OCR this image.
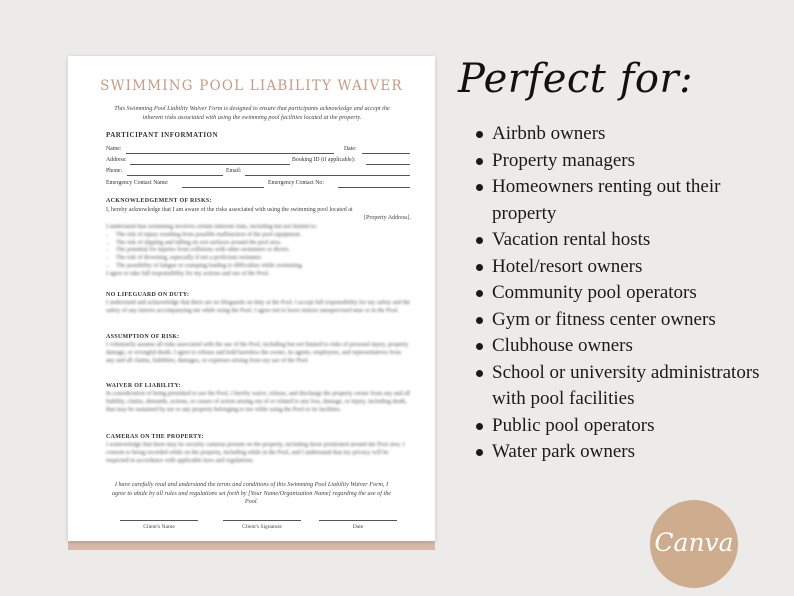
SWIMMING POOL LIABILITY WAIVER
This Swimming Pool Liability Waiver Form is designed to ensure that participants acknowledge and accept the inherent risks associated with using the swimming pool facilities located at the property.
PARTICIPANT INFORMATION
Name:	Date:
Address:	Booking ID (if applicable):
Phone:	Email:
Emergency Contact Name:	Emergency Contact No:
ACKNOWLEDGEMENT OF RISKS:
I, hereby acknowledge that I am aware of the risks associated with using the swimming pool located at
[Property Address].
I understand that swimming involves certain inherent risks, including but not limited to:
• The risk of injury resulting from possible malfunction of the pool equipment.
• The risk of slipping and falling on wet surfaces around the pool area.
• The potential for injuries from collisions with other swimmers or divers.
• The risk of drowning, especially if not a proficient swimmer.
• The possibility of fatigue or cramping leading to difficulties while swimming.
I agree to take full responsibility for my actions and use of the Pool.
NO LIFEGUARD ON DUTY:
I understand and acknowledge that there are no lifeguards on duty at the Pool. I accept full responsibility for my safety and the safety of any minors accompanying me while using the Pool. I agree not to leave minors unsupervised near or in the Pool.
ASSUMPTION OF RISK:
I voluntarily assume all risks associated with the use of the Pool, including but not limited to risks of personal injury, property damage, or wrongful death. I agree to release and hold harmless the owner, its agents, employees, and representatives from any and all claims, liabilities, damages, or expenses arising from my use of the Pool.
WAIVER OF LIABILITY:
In consideration of being permitted to use the Pool, I hereby waive, release, and discharge the property owner from any and all liability, claims, demands, actions, or causes of action arising out of or related to any loss, damage, or injury, including death, that may be sustained by me or any property belonging to me while using the Pool or its facilities.
CAMERAS ON THE PROPERTY:
I acknowledge that there may be security cameras present on the property, including those positioned around the Pool area. I consent to being recorded while on the property, including while in the Pool, and I understand that my privacy will be respected in accordance with applicable laws and regulations.
I have carefully read and understand the terms and conditions of this Swimming Pool Liability Waiver Form, I agree to abide by all rules and regulations set forth by [Your Name/Organization Name] regarding the use of the Pool.
Client's Name	Client's Signature	Date
Perfect for:
Airbnb owners
Property managers
Homeowners renting out their property
Vacation rental hosts
Hotel/resort owners
Community pool operators
Gym or fitness center owners
Clubhouse owners
School or university administrators with pool facilities
Public pool operators
Water park owners
Canva
